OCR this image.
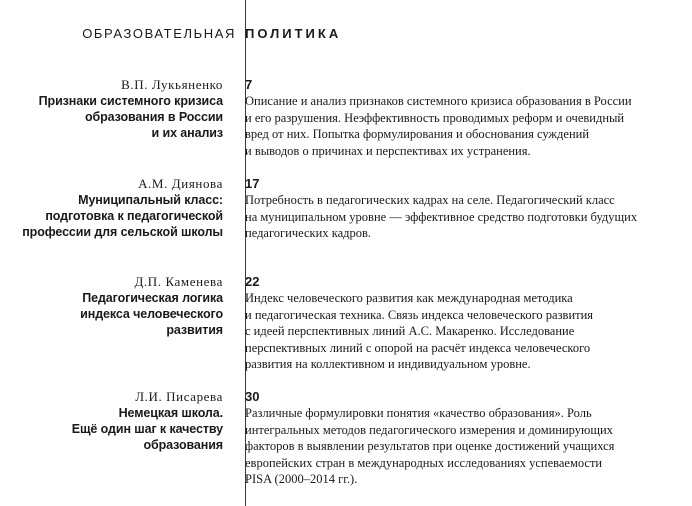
ОБРАЗОВАТЕЛЬНАЯ ПОЛИТИКА
В.П. Лукьяненко
Признаки системного кризиса
образования в России
и их анализ
7
Описание и анализ признаков системного кризиса образования в России
и его разрушения. Неэффективность проводимых реформ и очевидный
вред от них. Попытка формулирования и обоснования суждений
и выводов о причинах и перспективах их устранения.
А.М. Диянова
Муниципальный класс:
подготовка к педагогической
профессии для сельской школы
17
Потребность в педагогических кадрах на селе. Педагогический класс
на муниципальном уровне — эффективное средство подготовки будущих
педагогических кадров.
Д.П. Каменева
Педагогическая логика
индекса человеческого
развития
22
Индекс человеческого развития как международная методика
и педагогическая техника. Связь индекса человеческого развития
с идеей перспективных линий А.С. Макаренко. Исследование
перспективных линий с опорой на расчёт индекса человеческого
развития на коллективном и индивидуальном уровне.
Л.И. Писарева
Немецкая школа.
Ещё один шаг к качеству
образования
30
Различные формулировки понятия «качество образования». Роль
интегральных методов педагогического измерения и доминирующих
факторов в выявлении результатов при оценке достижений учащихся
европейских стран в международных исследованиях успеваемости
PISA (2000–2014 гг.).
